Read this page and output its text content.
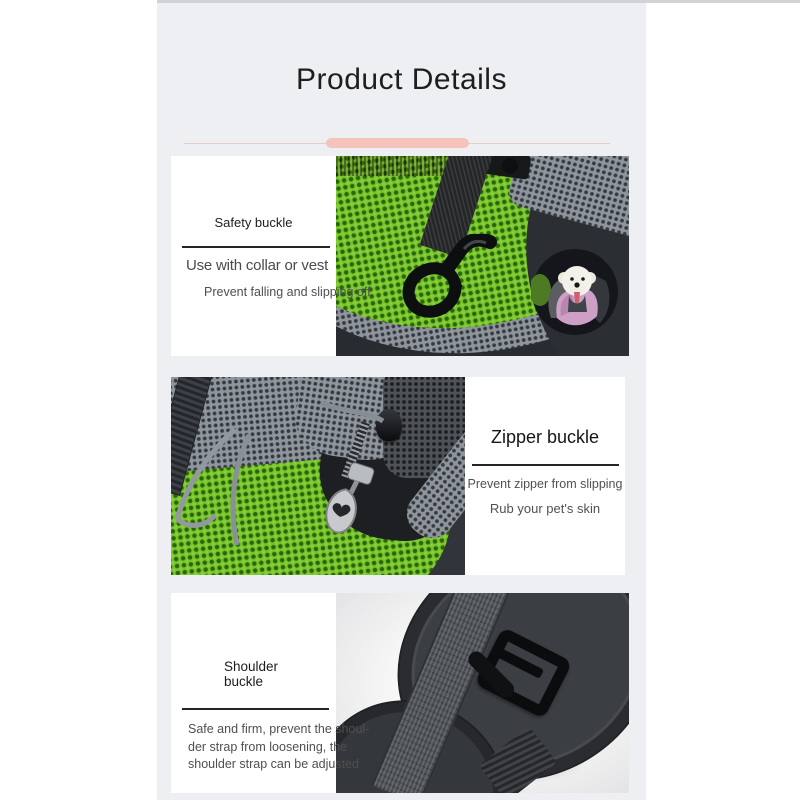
Product Details
Safety buckle
Use with collar or vest
Prevent falling and slipping off
Zipper buckle
Prevent zipper from slipping
Rub your pet's skin
Shoulder
buckle
Safe and firm, prevent the shoul-
der strap from loosening, the
shoulder strap can be adjusted
